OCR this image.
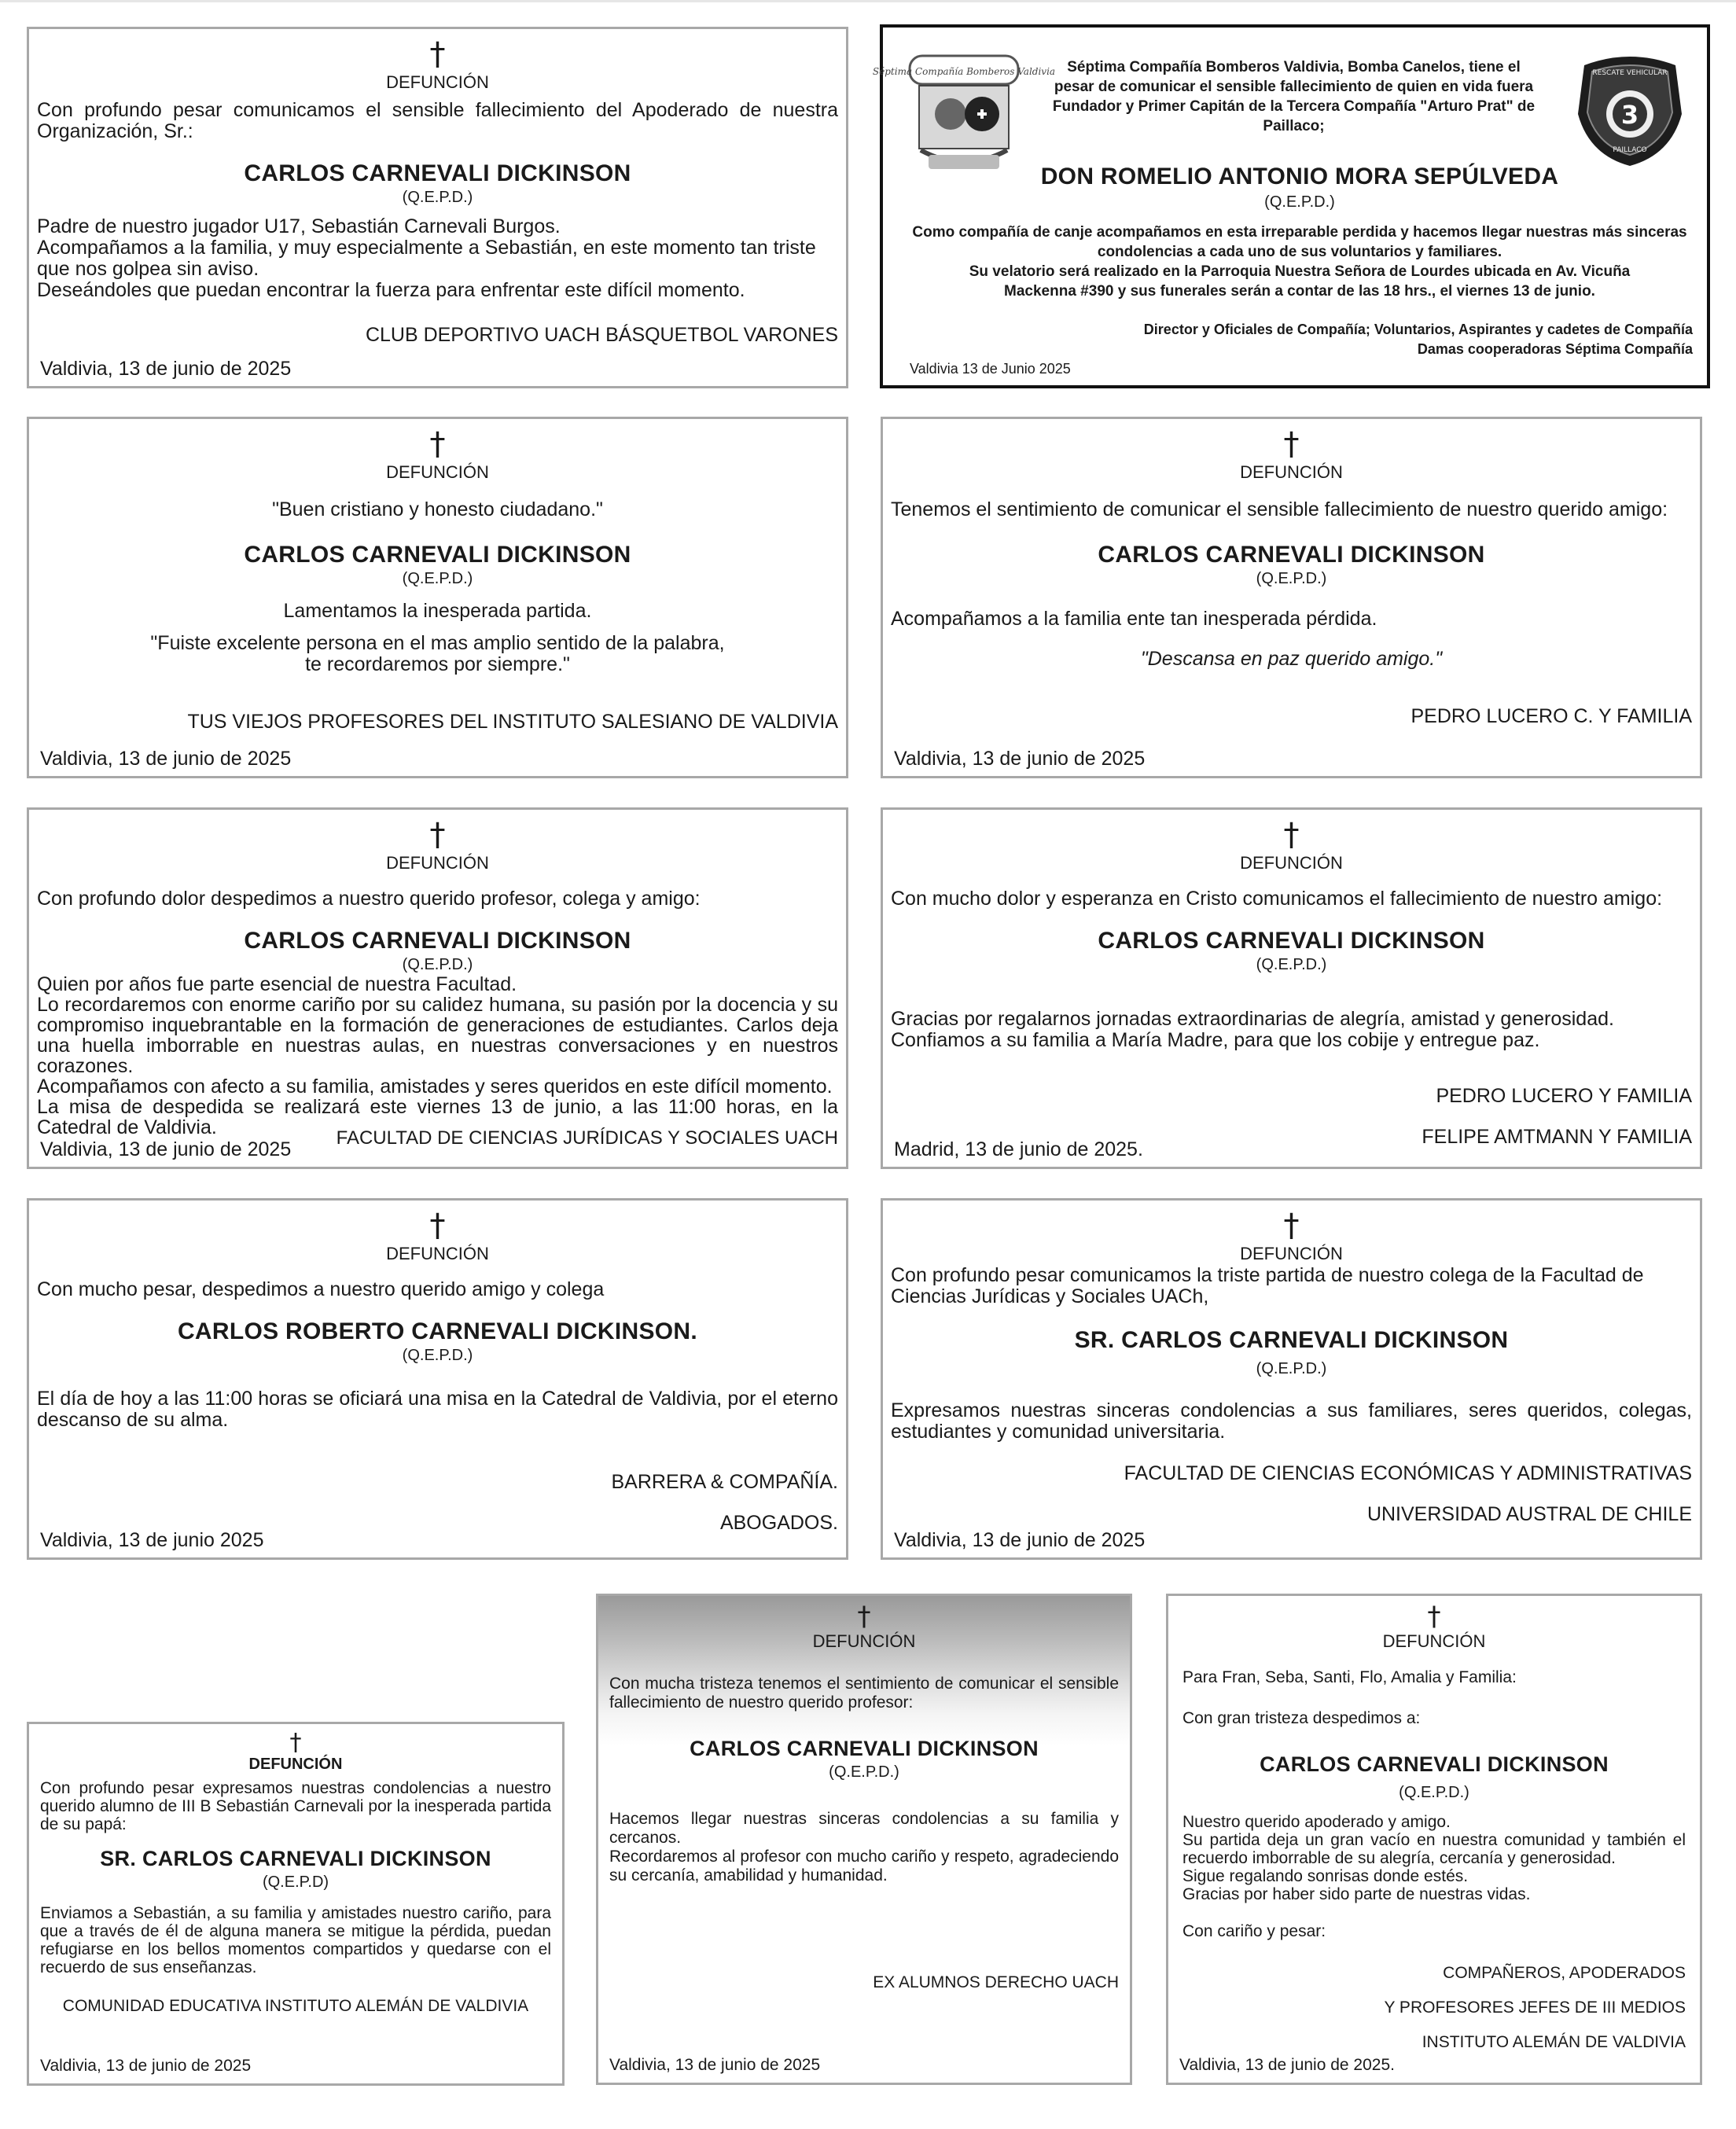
†
DEFUNCIÓN

Con profundo pesar comunicamos el sensible fallecimiento del Apoderado de nuestra Organización, Sr.:

CARLOS CARNEVALI DICKINSON

(Q.E.P.D.)

Padre de nuestro jugador U17, Sebastián Carnevali Burgos.

Acompañamos a la familia, y muy especialmente a Sebastián, en este momento tan triste que nos golpea sin aviso.

Deseándoles que puedan encontrar la fuerza para enfrentar este difícil momento.

CLUB DEPORTIVO UACH BÁSQUETBOL VARONES

Valdivia, 13 de junio de 2025
Séptima Compañía Bomberos Valdivia Séptima Compañía Bomberos Valdivia, Bomba Canelos, tiene el pesar de comunicar el sensible fallecimiento de quien en vida fuera Fundador y Primer Capitán de la Tercera Compañía "Arturo Prat" de Paillaco;

RESCATE VEHICULAR
3
PAILLACO

DON ROMELIO ANTONIO MORA SEPÚLVEDA

(Q.E.P.D.)

Como compañía de canje acompañamos en esta irreparable perdida y hacemos llegar nuestras más sinceras condolencias a cada uno de sus voluntarios y familiares.

Su velatorio será realizado en la Parroquia Nuestra Señora de Lourdes ubicada en Av. Vicuña Mackenna #390 y sus funerales serán a contar de las 18 hrs., el viernes 13 de junio.

Director y Oficiales de Compañía; Voluntarios, Aspirantes y cadetes de Compañía

Damas cooperadoras Séptima Compañía

Valdivia 13 de Junio 2025
†
DEFUNCIÓN

"Buen cristiano y honesto ciudadano."

CARLOS CARNEVALI DICKINSON

(Q.E.P.D.)

Lamentamos la inesperada partida.

"Fuiste excelente persona en el mas amplio sentido de la palabra,

te recordaremos por siempre."

TUS VIEJOS PROFESORES DEL INSTITUTO SALESIANO DE VALDIVIA

Valdivia, 13 de junio de 2025
†
DEFUNCIÓN

Tenemos el sentimiento de comunicar el sensible fallecimiento de nuestro querido amigo:

CARLOS CARNEVALI DICKINSON

(Q.E.P.D.)

Acompañamos a la familia ente tan inesperada pérdida.

"Descansa en paz querido amigo."

PEDRO LUCERO C. Y FAMILIA

Valdivia, 13 de junio de 2025
†
DEFUNCIÓN

Con profundo dolor despedimos a nuestro querido profesor, colega y amigo:

CARLOS CARNEVALI DICKINSON

(Q.E.P.D.)

Quien por años fue parte esencial de nuestra Facultad.

Lo recordaremos con enorme cariño por su calidez humana, su pasión por la docencia y su compromiso inquebrantable en la formación de generaciones de estudiantes. Carlos deja una huella imborrable en nuestras aulas, en nuestras conversaciones y en nuestros corazones.

Acompañamos con afecto a su familia, amistades y seres queridos en este difícil momento.

La misa de despedida se realizará este viernes 13 de junio, a las 11:00 horas, en la Catedral de Valdivia.	FACULTAD DE CIENCIAS JURÍDICAS Y SOCIALES UACH
Valdivia, 13 de junio de 2025
†
DEFUNCIÓN

Con mucho dolor y esperanza en Cristo comunicamos el fallecimiento de nuestro amigo:

CARLOS CARNEVALI DICKINSON

(Q.E.P.D.)

Gracias por regalarnos jornadas extraordinarias de alegría, amistad y generosidad.

Confiamos a su familia a María Madre, para que los cobije y entregue paz.

PEDRO LUCERO Y FAMILIA

FELIPE AMTMANN Y FAMILIA

Madrid, 13 de junio de 2025.
†
DEFUNCIÓN

Con mucho pesar, despedimos a nuestro querido amigo y colega

CARLOS ROBERTO CARNEVALI DICKINSON.

(Q.E.P.D.)

El día de hoy a las 11:00 horas se oficiará una misa en la Catedral de Valdivia, por el eterno descanso de su alma.

BARRERA & COMPAÑÍA.

ABOGADOS.

Valdivia, 13 de junio 2025
†
DEFUNCIÓN

Con profundo pesar comunicamos la triste partida de nuestro colega de la Facultad de Ciencias Jurídicas y Sociales UACh,

SR. CARLOS CARNEVALI DICKINSON

(Q.E.P.D.)

Expresamos nuestras sinceras condolencias a sus familiares, seres queridos, colegas, estudiantes y comunidad universitaria.

FACULTAD DE CIENCIAS ECONÓMICAS Y ADMINISTRATIVAS

UNIVERSIDAD AUSTRAL DE CHILE

Valdivia, 13 de junio de 2025
†
DEFUNCIÓN

Con profundo pesar expresamos nuestras condolencias a nuestro querido alumno de III B Sebastián Carnevali por la inesperada partida de su papá:

SR. CARLOS CARNEVALI DICKINSON

(Q.E.P.D)

Enviamos a Sebastián, a su familia y amistades nuestro cariño, para que a través de él de alguna manera se mitigue la pérdida, puedan refugiarse en los bellos momentos compartidos y quedarse con el recuerdo de sus enseñanzas.

COMUNIDAD EDUCATIVA INSTITUTO ALEMÁN DE VALDIVIA

Valdivia, 13 de junio de 2025
†
DEFUNCIÓN

Con mucha tristeza tenemos el sentimiento de comunicar el sensible fallecimiento de nuestro querido profesor:

CARLOS CARNEVALI DICKINSON

(Q.E.P.D.)

Hacemos llegar nuestras sinceras condolencias a su familia y cercanos.

Recordaremos al profesor con mucho cariño y respeto, agradeciendo su cercanía, amabilidad y humanidad.

EX ALUMNOS DERECHO UACH

Valdivia, 13 de junio de 2025
†
DEFUNCIÓN

Para Fran, Seba, Santi, Flo, Amalia y Familia:

Con gran tristeza despedimos a:

CARLOS CARNEVALI DICKINSON

(Q.E.P.D.)

Nuestro querido apoderado y amigo.

Su partida deja un gran vacío en nuestra comunidad y también el recuerdo imborrable de su alegría, cercanía y generosidad.

Sigue regalando sonrisas donde estés.

Gracias por haber sido parte de nuestras vidas.

Con cariño y pesar:

COMPAÑEROS, APODERADOS

Y PROFESORES JEFES DE III MEDIOS

INSTITUTO ALEMÁN DE VALDIVIA

Valdivia, 13 de junio de 2025.
